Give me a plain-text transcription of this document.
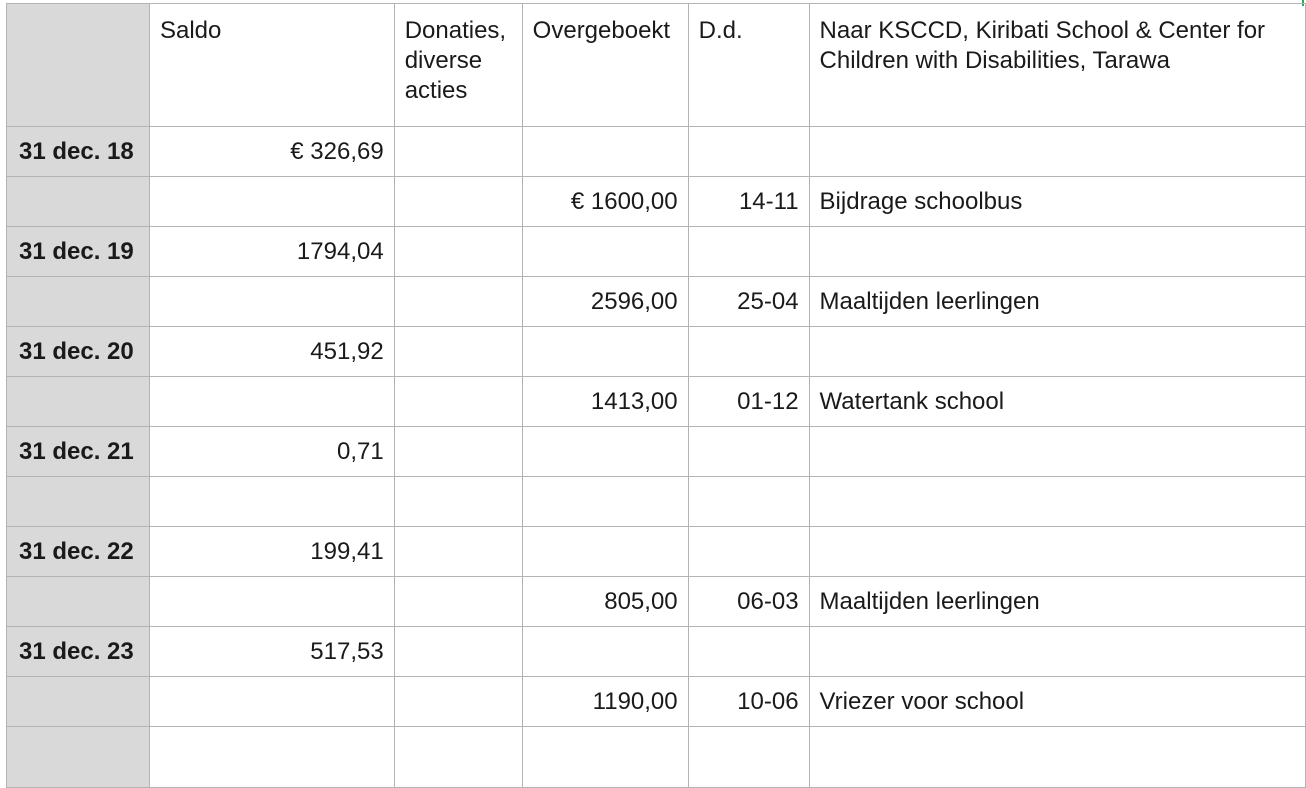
	Saldo	Donaties, diverse acties	Overgeboekt	D.d.	Naar KSCCD, Kiribati School & Center for Children with Disabilities, Tarawa
31 dec. 18	€ 326,69				
			€ 1600,00	14-11	Bijdrage schoolbus
31 dec. 19	1794,04				
			2596,00	25-04	Maaltijden leerlingen
31 dec. 20	451,92				
			1413,00	01-12	Watertank school
31 dec. 21	0,71				

31 dec. 22	199,41				
			805,00	06-03	Maaltijden leerlingen
31 dec. 23	517,53				
			1190,00	10-06	Vriezer voor school
